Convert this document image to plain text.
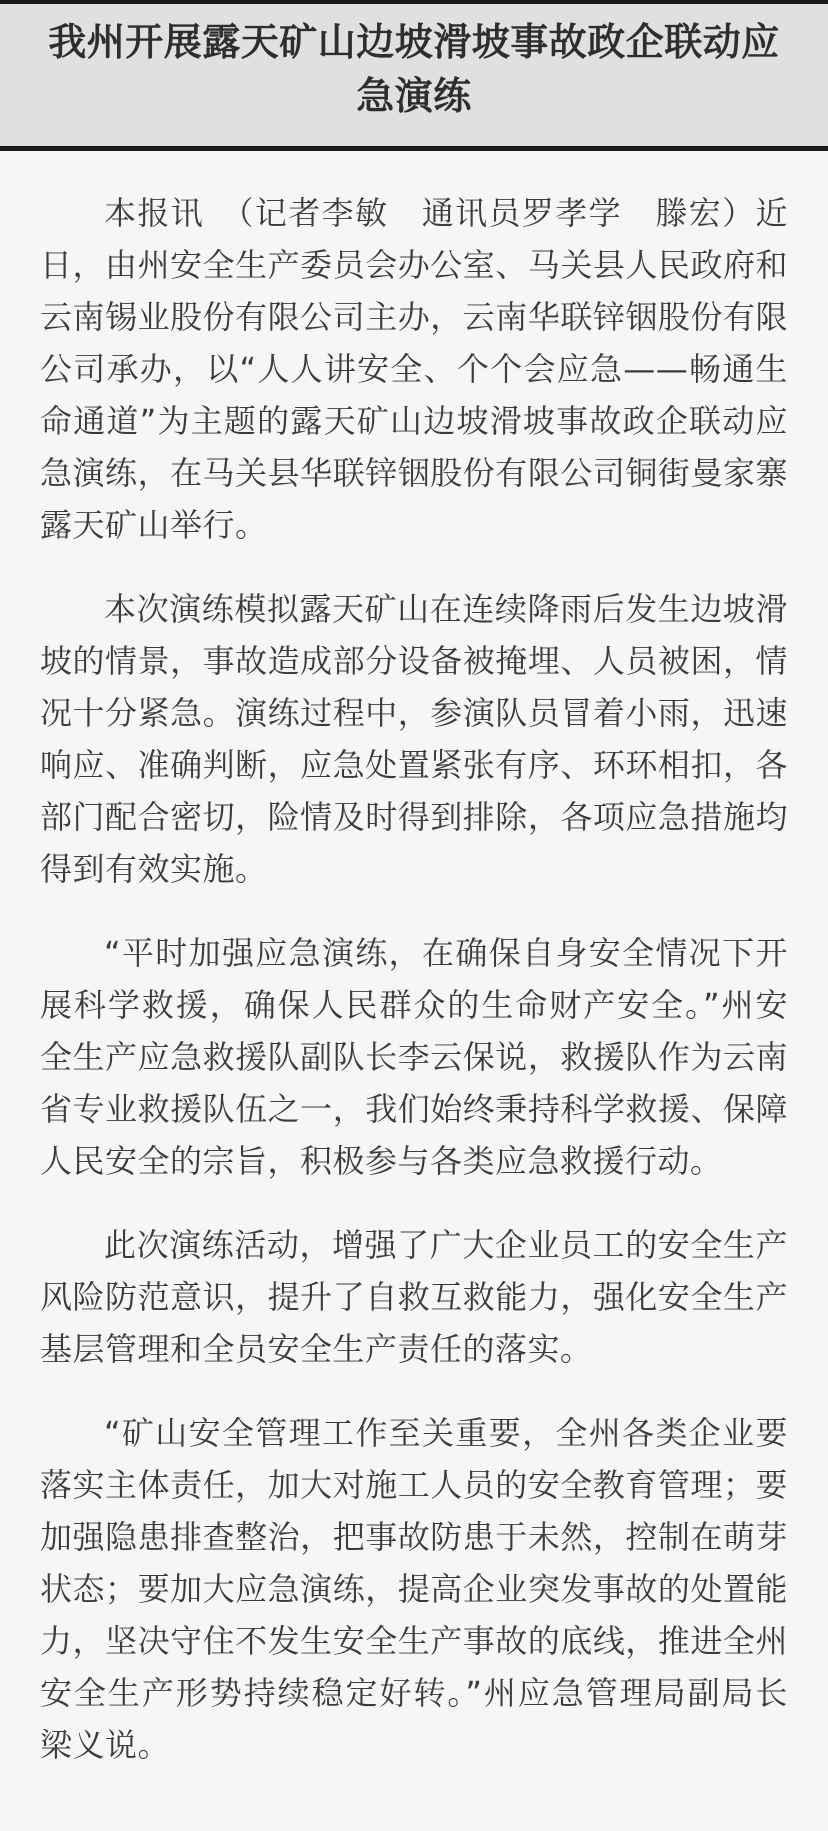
我州开展露天矿山边坡滑坡事故政企联动应急演练

本报讯　（记者李敏　通讯员罗孝学　滕宏）近日，由州安全生产委员会办公室、马关县人民政府和云南锡业股份有限公司主办，云南华联锌铟股份有限公司承办，以“人人讲安全、个个会应急——畅通生命通道”为主题的露天矿山边坡滑坡事故政企联动应急演练，在马关县华联锌铟股份有限公司铜街曼家寨露天矿山举行。

本次演练模拟露天矿山在连续降雨后发生边坡滑坡的情景，事故造成部分设备被掩埋、人员被困，情况十分紧急。演练过程中，参演队员冒着小雨，迅速响应、准确判断，应急处置紧张有序、环环相扣，各部门配合密切，险情及时得到排除，各项应急措施均得到有效实施。

“平时加强应急演练，在确保自身安全情况下开展科学救援，确保人民群众的生命财产安全。”州安全生产应急救援队副队长李云保说，救援队作为云南省专业救援队伍之一，我们始终秉持科学救援、保障人民安全的宗旨，积极参与各类应急救援行动。

此次演练活动，增强了广大企业员工的安全生产风险防范意识，提升了自救互救能力，强化安全生产基层管理和全员安全生产责任的落实。

“矿山安全管理工作至关重要，全州各类企业要落实主体责任，加大对施工人员的安全教育管理；要加强隐患排查整治，把事故防患于未然，控制在萌芽状态；要加大应急演练，提高企业突发事故的处置能力，坚决守住不发生安全生产事故的底线，推进全州安全生产形势持续稳定好转。”州应急管理局副局长梁义说。
